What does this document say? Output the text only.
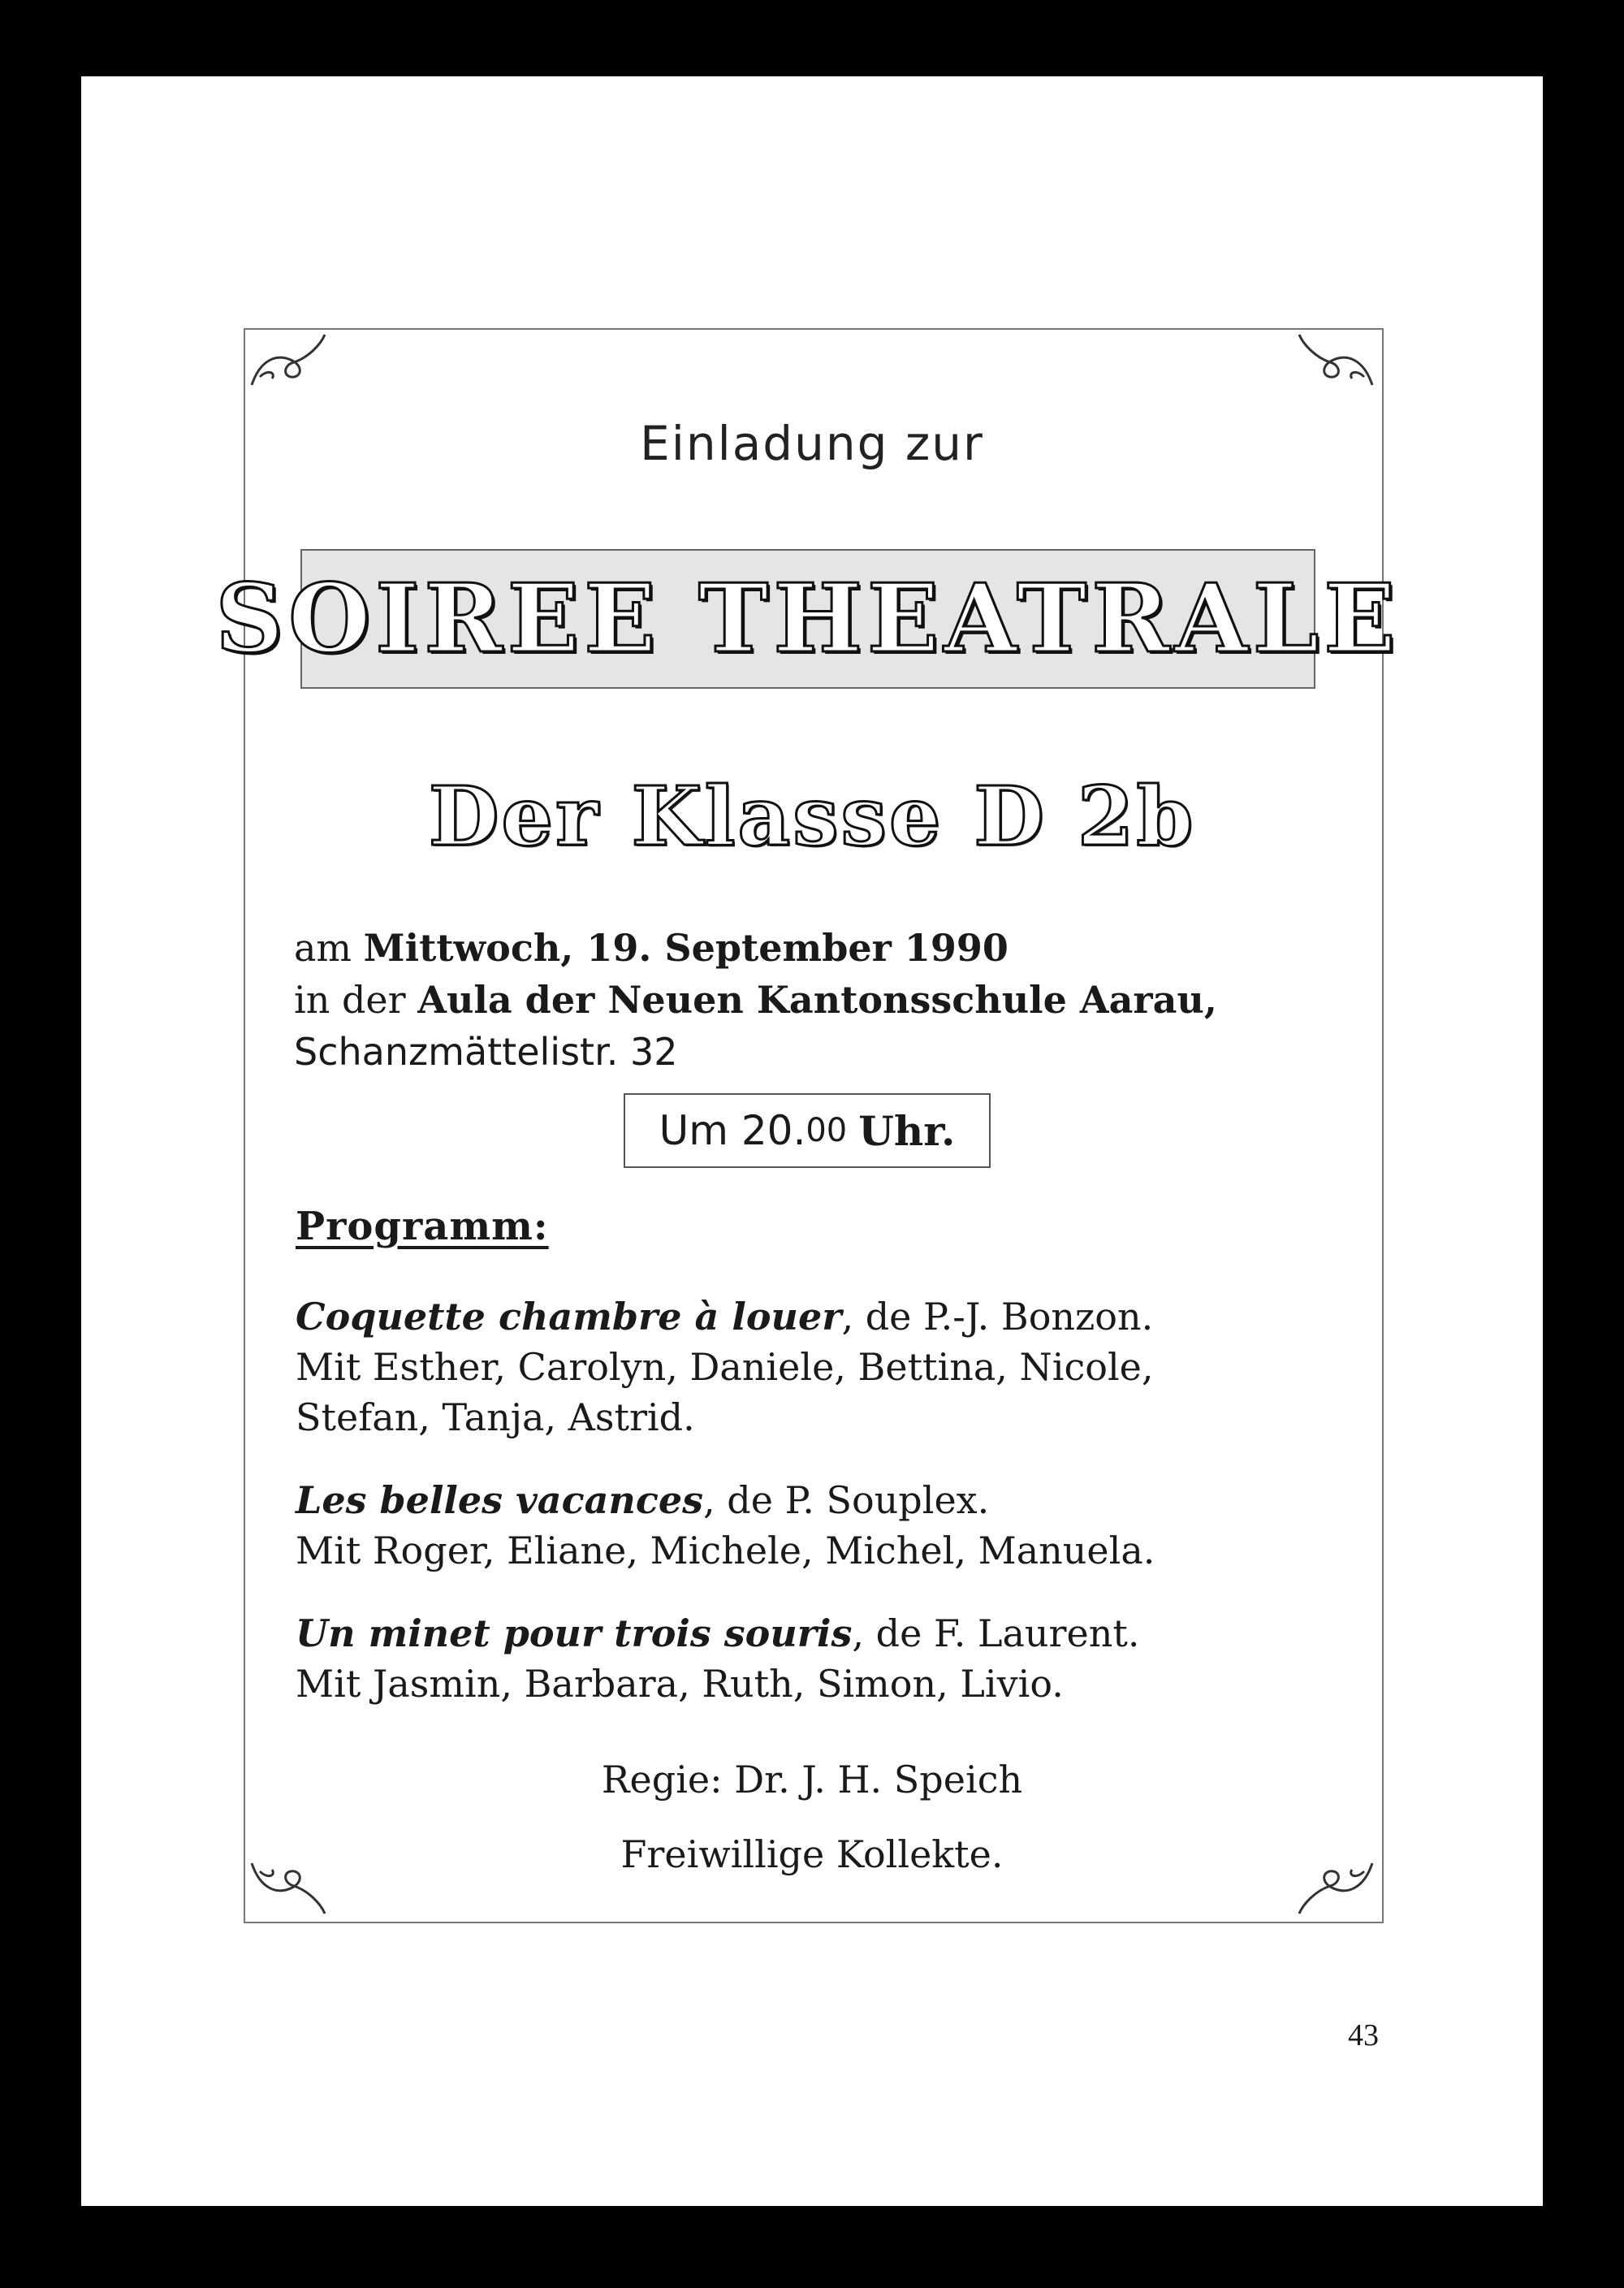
Einladung zur
SOIREE THEATRALE
Der Klasse D 2b
am Mittwoch, 19. September 1990
in der Aula der Neuen Kantonsschule Aarau,
Schanzmättelistr. 32
Um 20. 00 Uhr.
Programm:
Coquette chambre à louer, de P.-J. Bonzon.
Mit Esther, Carolyn, Daniele, Bettina, Nicole,
Stefan, Tanja, Astrid.
Les belles vacances, de P. Souplex.
Mit Roger, Eliane, Michele, Michel, Manuela.
Un minet pour trois souris, de F. Laurent.
Mit Jasmin, Barbara, Ruth, Simon, Livio.
Regie: Dr. J. H. Speich
Freiwillige Kollekte.
43
